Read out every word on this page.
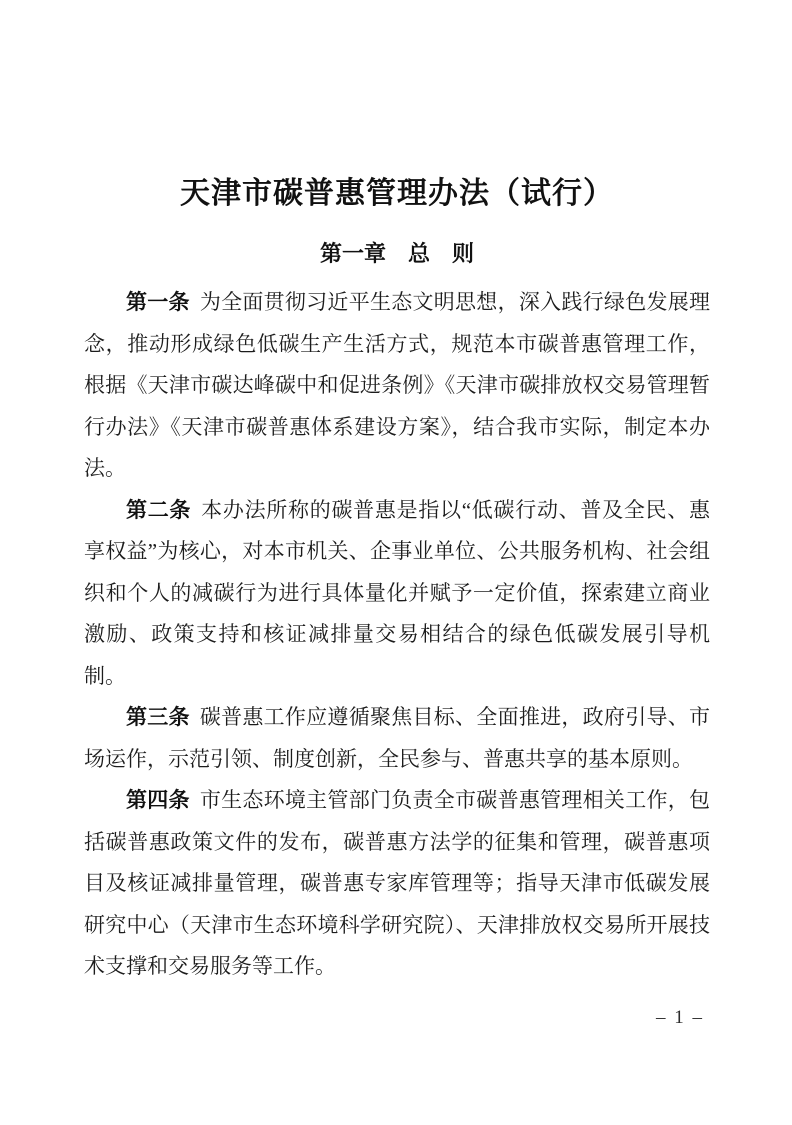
天津市碳普惠管理办法（试行）
第一章　总　则

第一条 为全面贯彻习近平生态文明思想，深入践行绿色发展理念，推动形成绿色低碳生产生活方式，规范本市碳普惠管理工作，根据《天津市碳达峰碳中和促进条例》《天津市碳排放权交易管理暂行办法》《天津市碳普惠体系建设方案》，结合我市实际，制定本办法。

第二条 本办法所称的碳普惠是指以“低碳行动、普及全民、惠享权益”为核心，对本市机关、企事业单位、公共服务机构、社会组织和个人的减碳行为进行具体量化并赋予一定价值，探索建立商业激励、政策支持和核证减排量交易相结合的绿色低碳发展引导机制。

第三条 碳普惠工作应遵循聚焦目标、全面推进，政府引导、市场运作，示范引领、制度创新，全民参与、普惠共享的基本原则。

第四条 市生态环境主管部门负责全市碳普惠管理相关工作，包括碳普惠政策文件的发布，碳普惠方法学的征集和管理，碳普惠项目及核证减排量管理，碳普惠专家库管理等；指导天津市低碳发展研究中心（天津市生态环境科学研究院）、天津排放权交易所开展技术支撑和交易服务等工作。

– 1 –
